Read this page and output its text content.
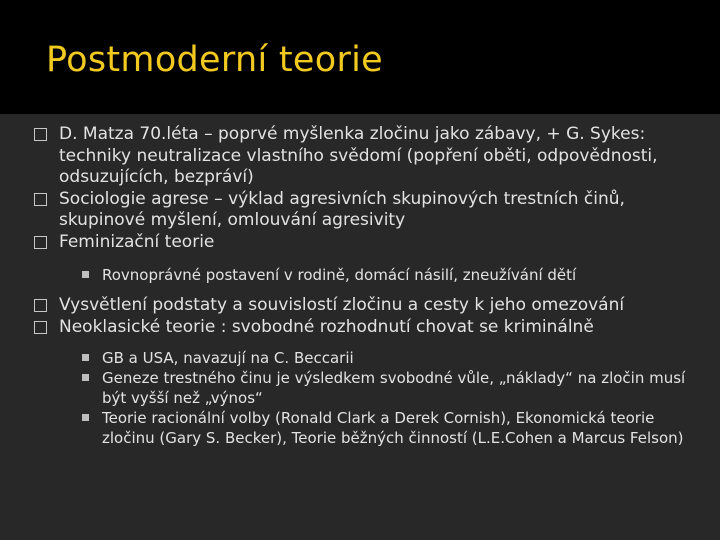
Postmoderní teorie
D. Matza 70.léta – poprvé myšlenka zločinu jako zábavy, + G. Sykes: techniky neutralizace vlastního svědomí (popření oběti, odpovědnosti, odsuzujících, bezpráví)
Sociologie agrese – výklad agresivních skupinových trestních činů, skupinové myšlení, omlouvání agresivity
Feminizační teorie
Rovnoprávné postavení v rodině, domácí násilí, zneužívání dětí
Vysvětlení podstaty a souvislostí zločinu a cesty k jeho omezování
Neoklasické teorie : svobodné rozhodnutí chovat se kriminálně
GB a USA, navazují na C. Beccarii
Geneze trestného činu je výsledkem svobodné vůle, „náklady“ na zločin musí být vyšší než „výnos“
Teorie racionální volby (Ronald Clark a Derek Cornish), Ekonomická teorie zločinu (Gary S. Becker), Teorie běžných činností (L.E.Cohen a Marcus Felson)
